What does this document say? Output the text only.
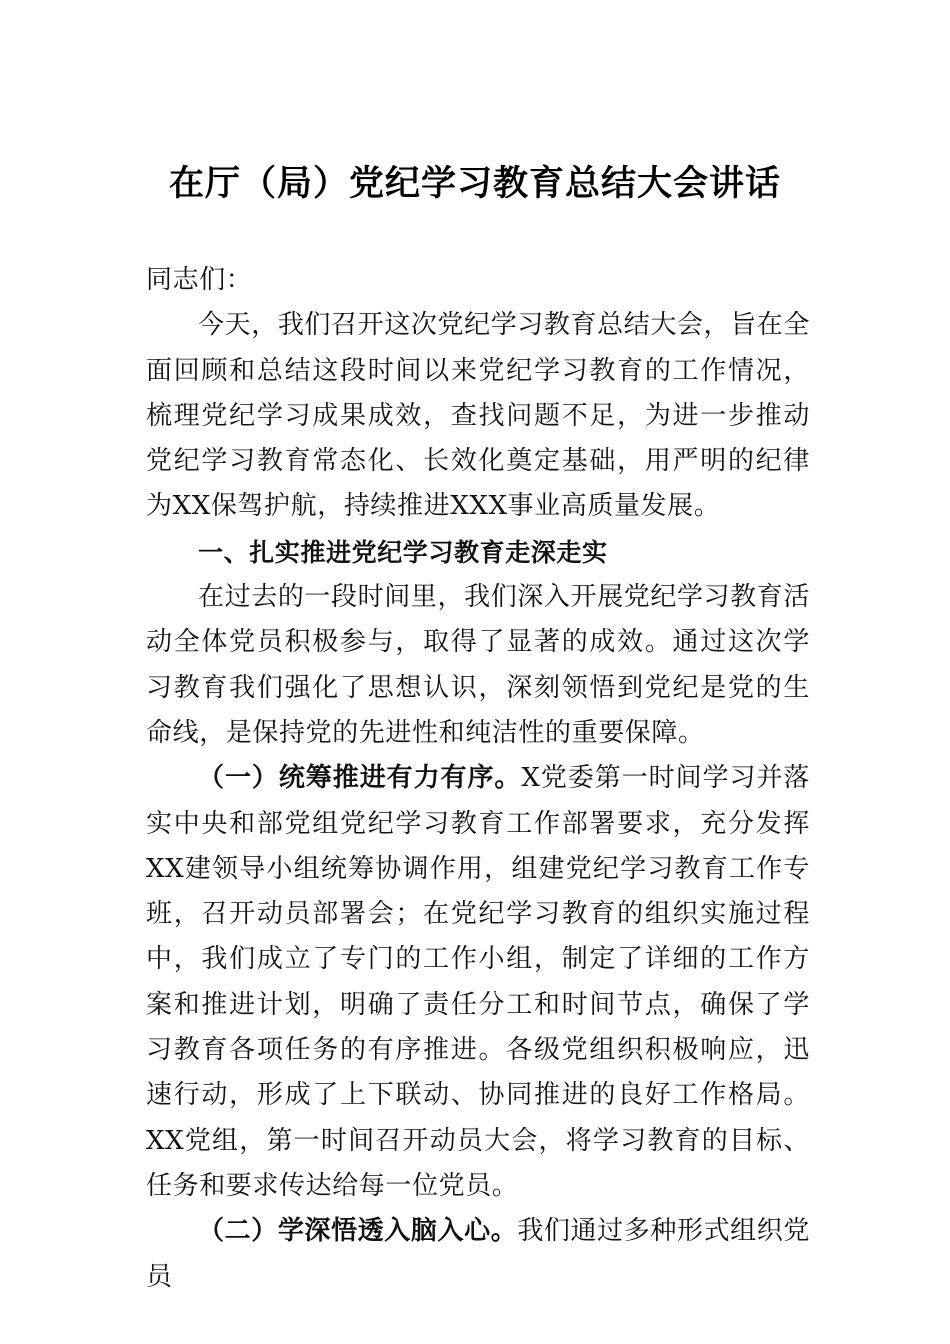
在厅（局）党纪学习教育总结大会讲话

同志们：

今天，我们召开这次党纪学习教育总结大会，旨在全面回顾和总结这段时间以来党纪学习教育的工作情况，梳理党纪学习成果成效，查找问题不足，为进一步推动党纪学习教育常态化、长效化奠定基础，用严明的纪律为XX保驾护航，持续推进XXX事业高质量发展。

一、扎实推进党纪学习教育走深走实

在过去的一段时间里，我们深入开展党纪学习教育活动全体党员积极参与，取得了显著的成效。通过这次学习教育我们强化了思想认识，深刻领悟到党纪是党的生命线，是保持党的先进性和纯洁性的重要保障。

（一）统筹推进有力有序。X党委第一时间学习并落实中央和部党组党纪学习教育工作部署要求，充分发挥XX建领导小组统筹协调作用，组建党纪学习教育工作专班，召开动员部署会；在党纪学习教育的组织实施过程中，我们成立了专门的工作小组，制定了详细的工作方案和推进计划，明确了责任分工和时间节点，确保了学习教育各项任务的有序推进。各级党组织积极响应，迅速行动，形成了上下联动、协同推进的良好工作格局。XX党组，第一时间召开动员大会，将学习教育的目标、任务和要求传达给每一位党员。

（二）学深悟透入脑入心。我们通过多种形式组织党员
